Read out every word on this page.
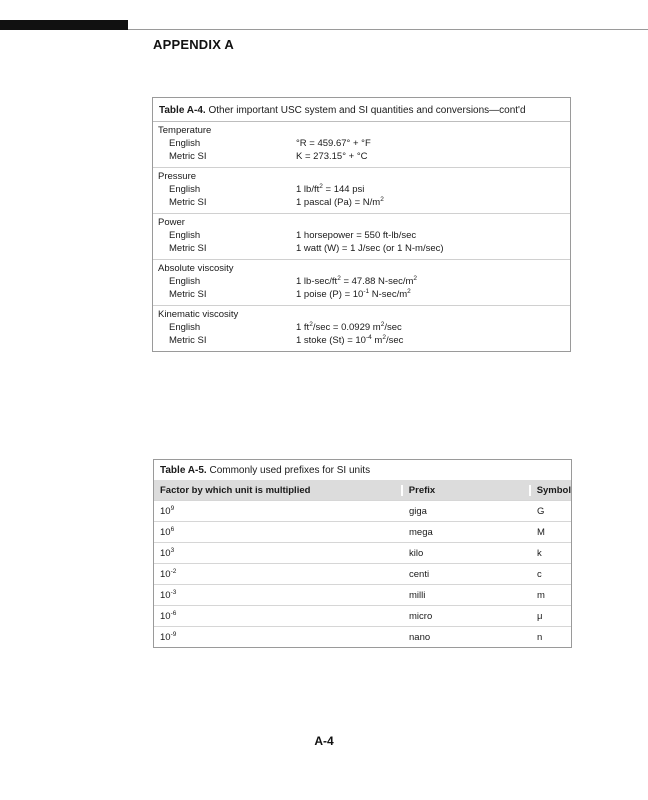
APPENDIX A
Table A-4. Other important USC system and SI quantities and conversions—cont'd
Temperature
English	°R = 459.67° + °F
Metric SI	K = 273.15° + °C
Pressure
English	1 $lb/ft^2 = 144$ psi
Metric SI	1 pascal $(Pa) = N/m^2$
Power
English	1 horsepower = 550 ft-lb/sec
Metric SI	1 watt (W) = 1 J/sec (or 1 N-m/sec)
Absolute viscosity
English	1 $lb-\sec/ft^2 = 47.88$ $N-\sec/m^2$
Metric SI	1 poise $(P) = 10^{-1}$ $N-\sec/m^2$
Kinematic viscosity
English	1 $ft^2/\sec = 0.0929$ $m^2/\sec$
Metric SI	1 stoke $(St) = 10^{-4}$ $m^2/\sec$
Table A-5. Commonly used prefixes for SI units
Factor by which unit is multiplied	Prefix	Symbol
$10^9$	giga	G
$10^6$	mega	M
$10^3$	kilo	k
$10^{-2}$	centi	c
$10^{-3}$	milli	m
$10^{-6}$	micro	μ
$10^{-9}$	nano	n
A-4
